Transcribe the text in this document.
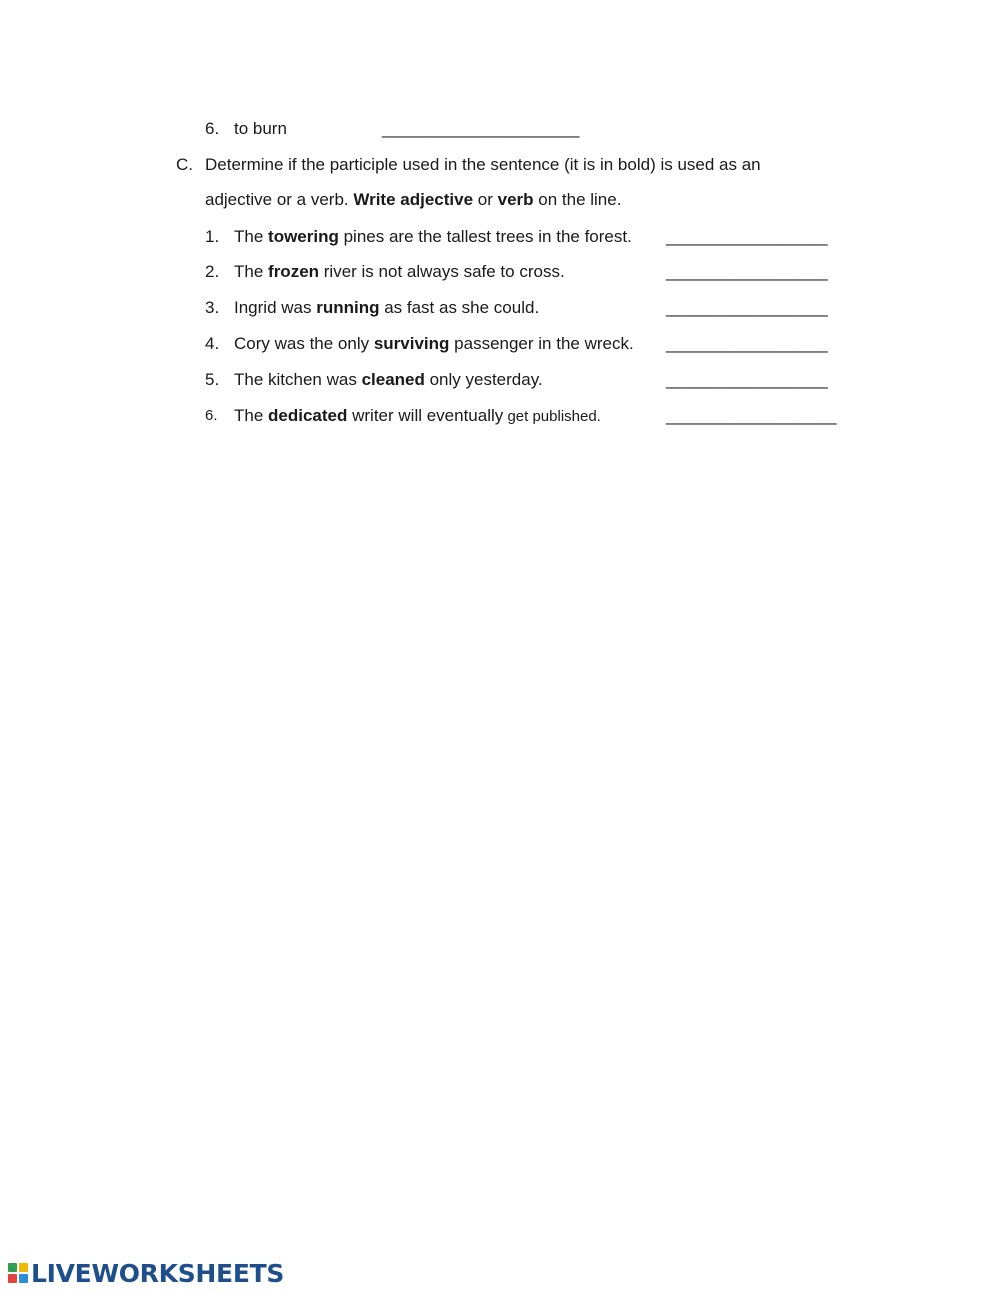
6. to burn	______________________
C. Determine if the participle used in the sentence (it is in bold) is used as an
adjective or a verb. Write adjective or verb on the line.
1. The towering pines are the tallest trees in the forest. __________________
2. The frozen river is not always safe to cross.	__________________
3. Ingrid was running as fast as she could.	__________________
4. Cory was the only surviving passenger in the wreck. __________________
5. The kitchen was cleaned only yesterday.	__________________
6. The dedicated writer will eventually get published.	___________________
LIVEWORKSHEETS
